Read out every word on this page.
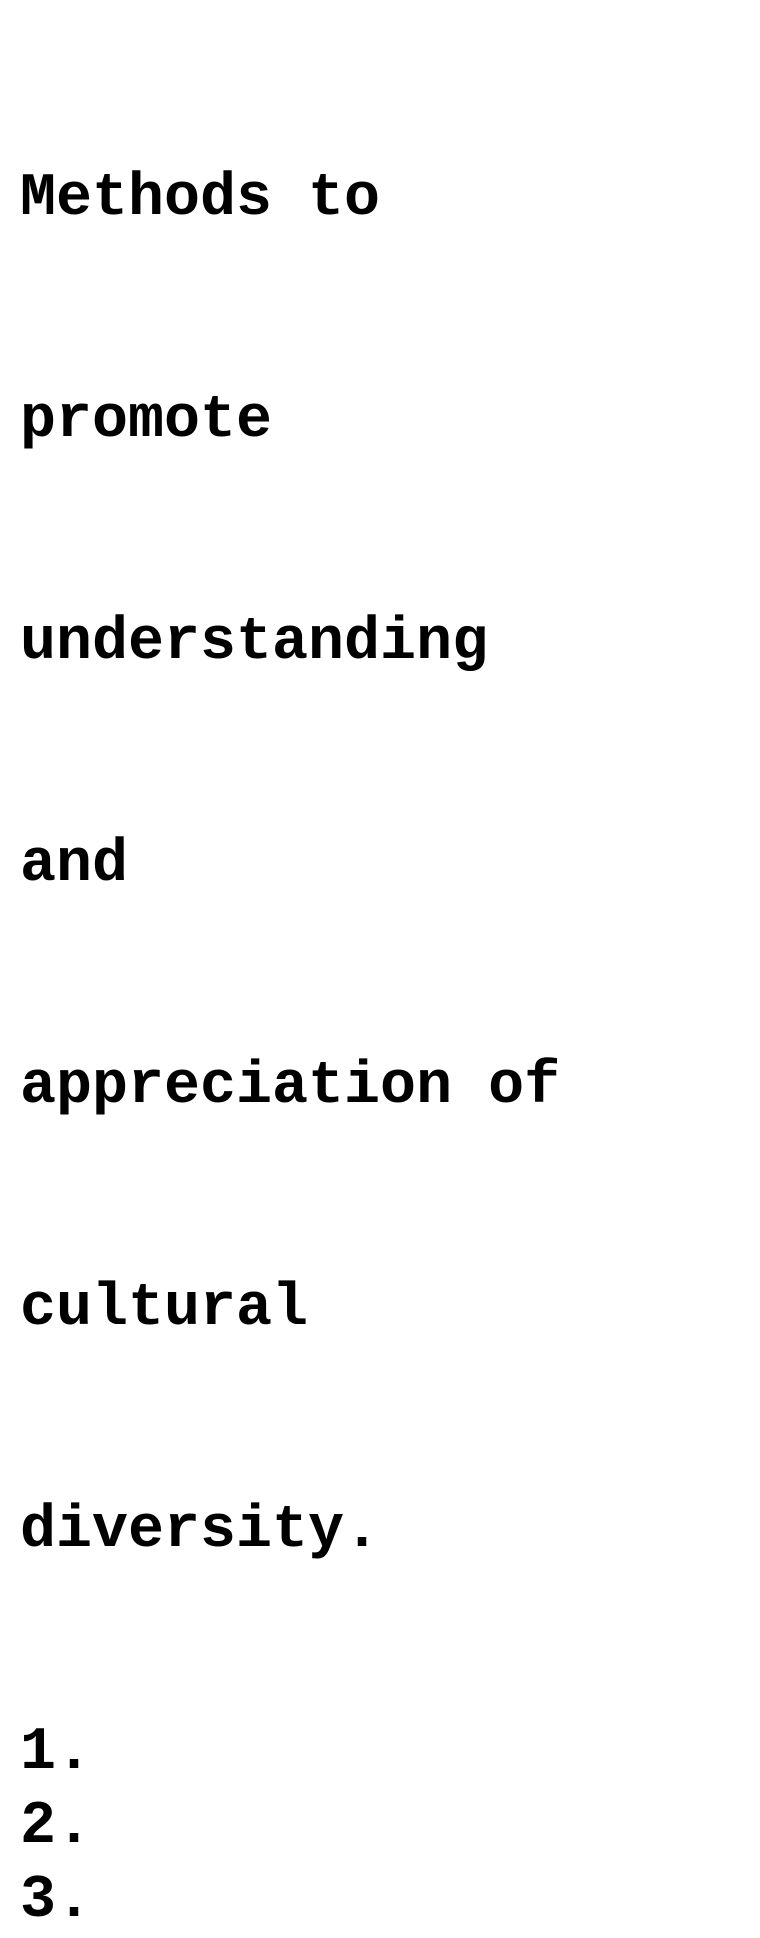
Methods to

promote

understanding

and

appreciation of

cultural

diversity.

1.
2.
3.
